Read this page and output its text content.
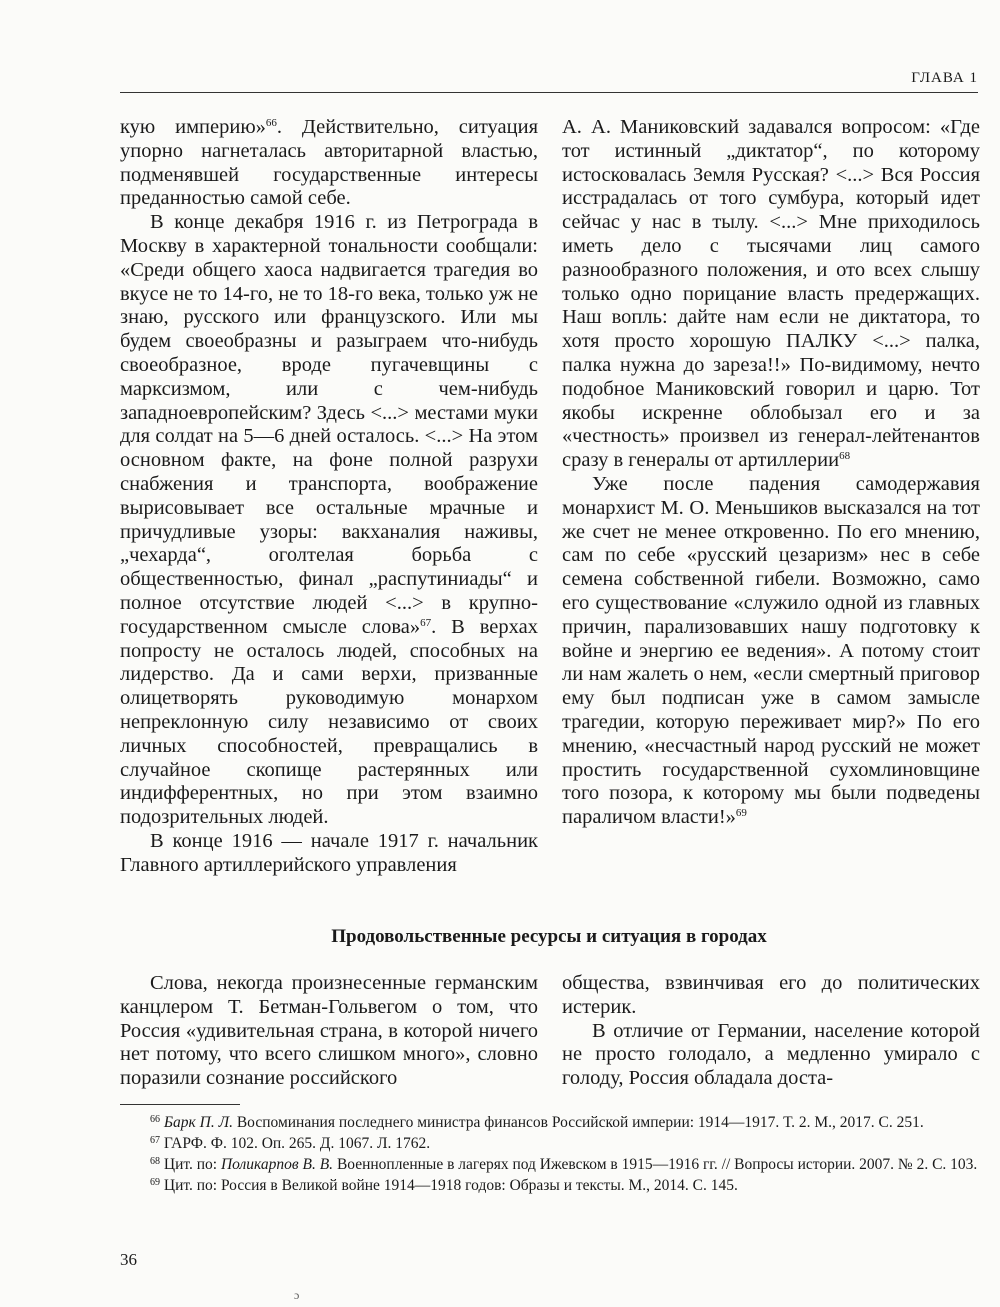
ГЛАВА 1

кую империю»$^{66}$. Действительно, ситуация упорно нагнеталась авторитарной властью, подменявшей государственные интересы преданностью самой себе.

В конце декабря 1916 г. из Петрограда в Москву в характерной тональности сообщали: «Среди общего хаоса надвигается трагедия во вкусе не то 14-го, не то 18-го века, только уж не знаю, русского или французского. Или мы будем своеобразны и разыграем что-нибудь своеобразное, вроде пугачевщины с марксизмом, или с чем-нибудь западноевропейским? Здесь <...> местами муки для солдат на 5—6 дней осталось. <...> На этом основном факте, на фоне полной разрухи снабжения и транспорта, воображение вырисовывает все остальные мрачные и причудливые узоры: вакханалия наживы, „чехарда“, оголтелая борьба с общественностью, финал „распутиниады“ и полное отсутствие людей <...> в крупно-государственном смысле слова»$^{67}$. В верхах попросту не осталось людей, способных на лидерство. Да и сами верхи, призванные олицетворять руководимую монархом непреклонную силу независимо от своих личных способностей, превращались в случайное скопище растерянных или индифферентных, но при этом взаимно подозрительных людей.

В конце 1916 — начале 1917 г. начальник Главного артиллерийского управления

А. А. Маниковский задавался вопросом: «Где тот истинный „диктатор“, по которому истосковалась Земля Русская? <...> Вся Россия исстрадалась от того сумбура, который идет сейчас у нас в тылу. <...> Мне приходилось иметь дело с тысячами лиц самого разнообразного положения, и ото всех слышу только одно порицание власть предержащих. Наш вопль: дайте нам если не диктатора, то хотя просто хорошую ПАЛКУ <...> палка, палка нужна до зареза!!» По-видимому, нечто подобное Маниковский говорил и царю. Тот якобы искренне облобызал его и за «честность» произвел из генерал-лейтенантов сразу в генералы от артиллерии$^{68}$

Уже после падения самодержавия монархист М. О. Меньшиков высказался на тот же счет не менее откровенно. По его мнению, сам по себе «русский цезаризм» нес в себе семена собственной гибели. Возможно, само его существование «служило одной из главных причин, парализовавших нашу подготовку к войне и энергию ее ведения». А потому стоит ли нам жалеть о нем, «если смертный приговор ему был подписан уже в самом замысле трагедии, которую переживает мир?» По его мнению, «несчастный народ русский не может простить государственной сухомлиновщине того позора, к которому мы были подведены параличом власти!»$^{69}$

Продовольственные ресурсы и ситуация в городах

Слова, некогда произнесенные германским канцлером Т. Бетман-Гольвегом о том, что Россия «удивительная страна, в которой ничего нет потому, что всего слишком много», словно поразили сознание российского

общества, взвинчивая его до политических истерик.

В отличие от Германии, население которой не просто голодало, а медленно умирало с голоду, Россия обладала доста-

$^{66}$ Барк П. Л. Воспоминания последнего министра финансов Российской империи: 1914—1917. Т. 2. М., 2017. С. 251.

$^{67}$ ГАРФ. Ф. 102. Оп. 265. Д. 1067. Л. 1762.

$^{68}$ Цит. по: Поликарпов В. В. Военнопленные в лагерях под Ижевском в 1915—1916 гг. // Вопросы истории. 2007. № 2. С. 103.

$^{69}$ Цит. по: Россия в Великой войне 1914—1918 годов: Образы и тексты. М., 2014. С. 145.

36
ɔ
